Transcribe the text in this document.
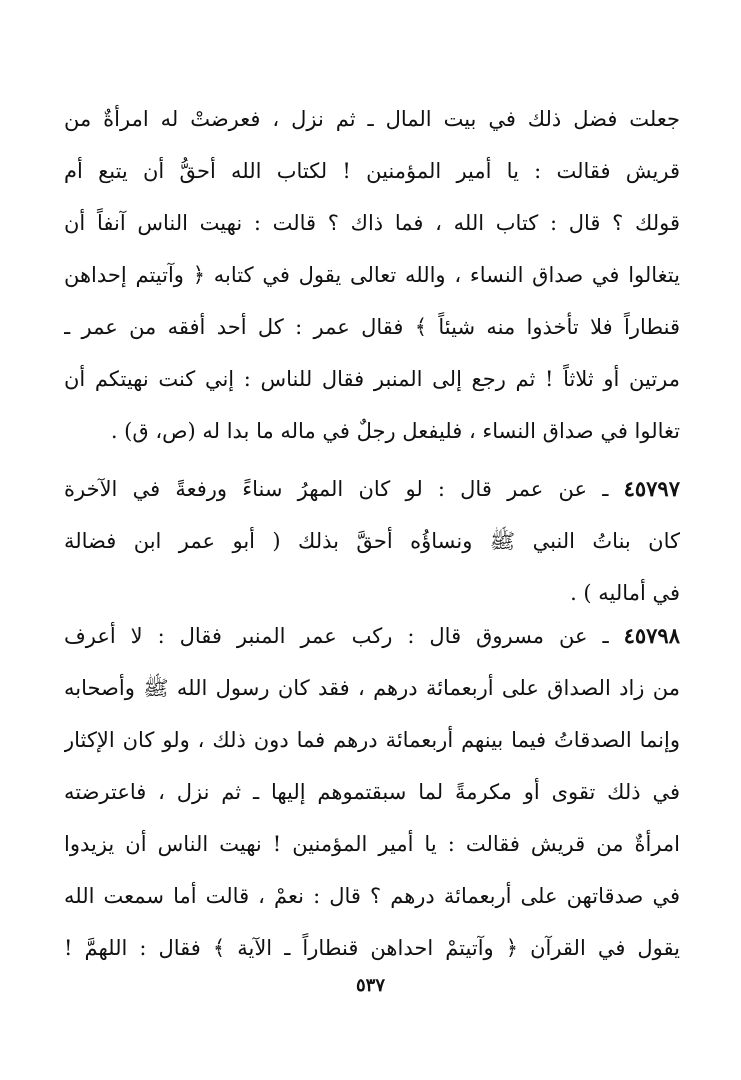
جعلت فضل ذلك في بيت المال ـ ثم نزل ، فعرضتْ له امرأةٌ من
قريش فقالت : يا أمير المؤمنين ! لكتاب الله أحقُّ أن يتبع أم
قولك ؟ قال : كتاب الله ، فما ذاك ؟ قالت : نهيت الناس آنفاً أن
يتغالوا في صداق النساء ، والله تعالى يقول في كتابه ﴿ وآتيتم إحداهن
قنطاراً فلا تأخذوا منه شيئاً ﴾ فقال عمر : كل أحد أفقه من عمر ـ
مرتين أو ثلاثاً ! ثم رجع إلى المنبر فقال للناس : إني كنت نهيتكم أن
تغالوا في صداق النساء ، فليفعل رجلٌ في ماله ما بدا له (ص، ق) .
٤٥٧٩٧ ـ عن عمر قال : لو كان المهرُ سناءً ورفعةً في الآخرة
كان بناتُ النبي ﷺ ونساؤُه أحقَّ بذلك ( أبو عمر ابن فضالة
في أماليه ) .
٤٥٧٩٨ ـ عن مسروق قال : ركب عمر المنبر فقال : لا أعرف
من زاد الصداق على أربعمائة درهم ، فقد كان رسول الله ﷺ وأصحابه
وإنما الصدقاتُ فيما بينهم أربعمائة درهم فما دون ذلك ، ولو كان الإكثار
في ذلك تقوى أو مكرمةً لما سبقتموهم إليها ـ ثم نزل ، فاعترضته
امرأةٌ من قريش فقالت : يا أمير المؤمنين ! نهيت الناس أن يزيدوا
في صدقاتهن على أربعمائة درهم ؟ قال : نعمْ ، قالت أما سمعت الله
يقول في القرآن ﴿ وآتيتمْ احداهن قنطاراً ـ الآية ﴾ فقال : اللهمَّ !
٥٣٧
